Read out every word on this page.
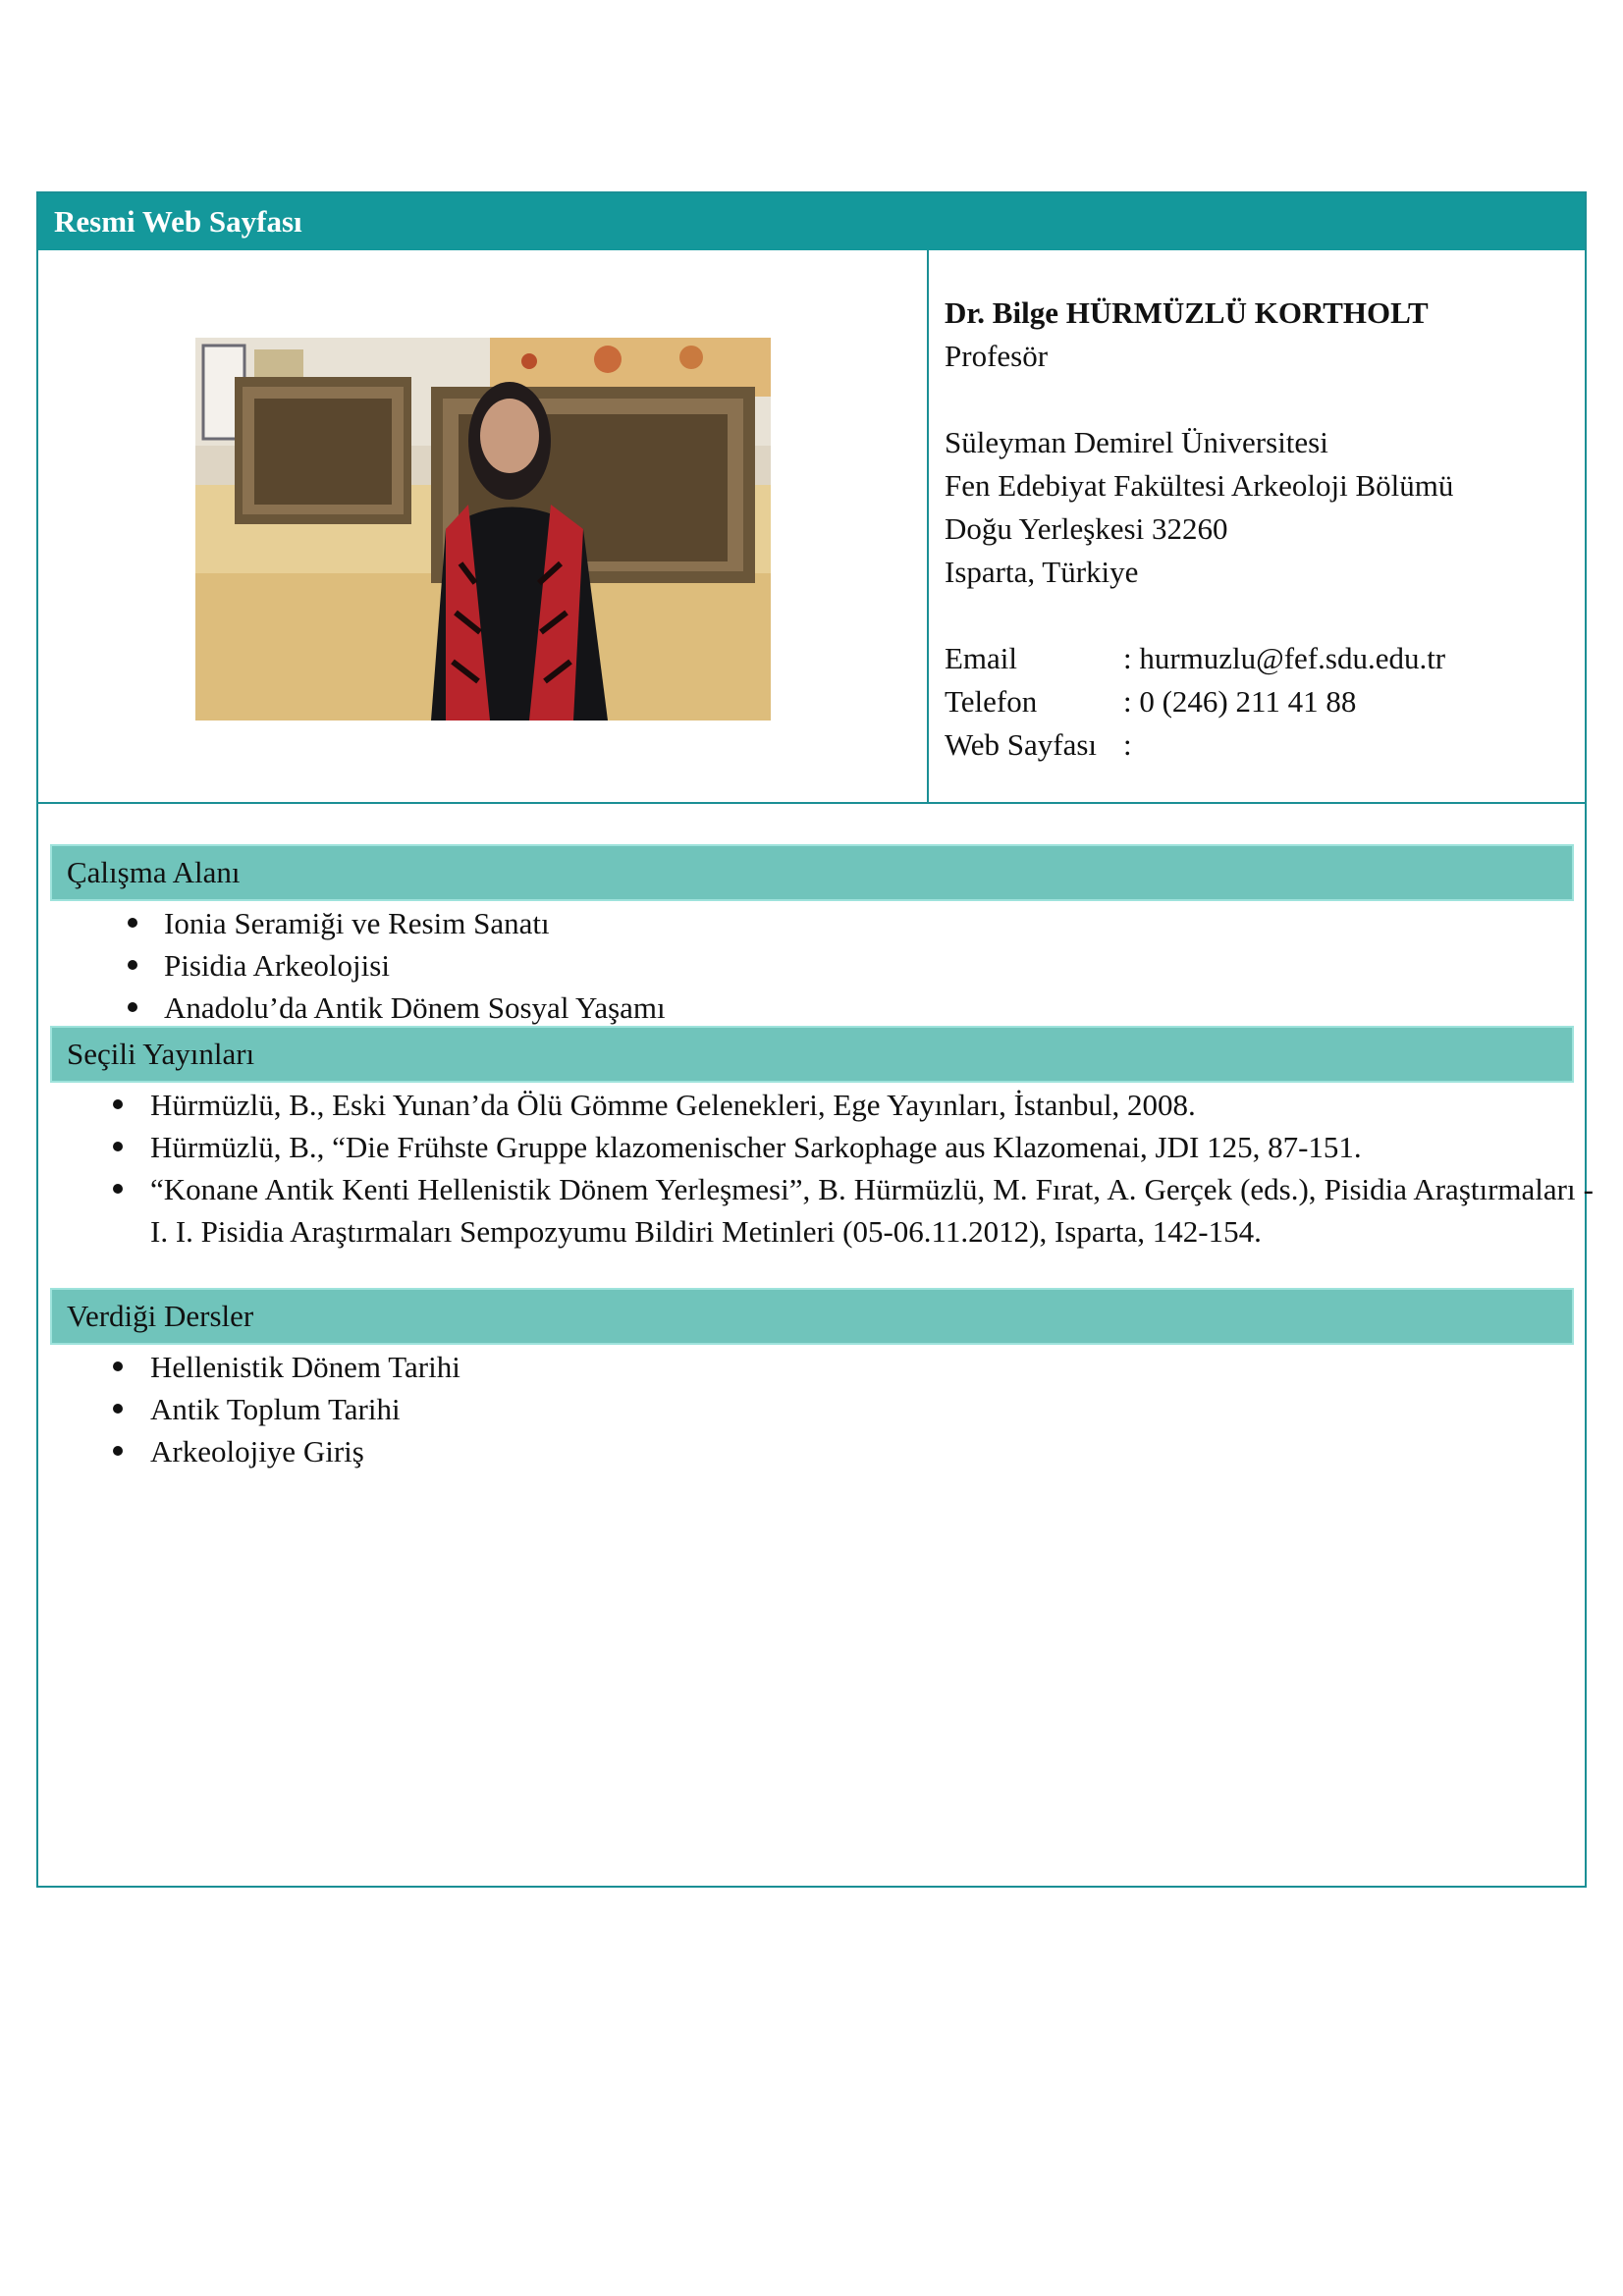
Resmi Web Sayfası
Dr. Bilge HÜRMÜZLÜ KORTHOLT
Profesör
Süleyman Demirel Üniversitesi
Fen Edebiyat Fakültesi Arkeoloji Bölümü
Doğu Yerleşkesi 32260
Isparta, Türkiye
Email	: hurmuzlu@fef.sdu.edu.tr
Telefon	: 0 (246) 211 41 88
Web Sayfası :
Çalışma Alanı
Ionia Seramiği ve Resim Sanatı
Pisidia Arkeolojisi
Anadolu’da Antik Dönem Sosyal Yaşamı
Seçili Yayınları
Hürmüzlü, B., Eski Yunan’da Ölü Gömme Gelenekleri, Ege Yayınları, İstanbul, 2008.
Hürmüzlü, B., “Die Frühste Gruppe klazomenischer Sarkophage aus Klazomenai, JDI 125, 87-151.
“Konane Antik Kenti Hellenistik Dönem Yerleşmesi”, B. Hürmüzlü, M. Fırat, A. Gerçek (eds.), Pisidia Araştırmaları - I. I. Pisidia Araştırmaları Sempozyumu Bildiri Metinleri (05-06.11.2012), Isparta, 142-154.
Verdiği Dersler
Hellenistik Dönem Tarihi
Antik Toplum Tarihi
Arkeolojiye Giriş
